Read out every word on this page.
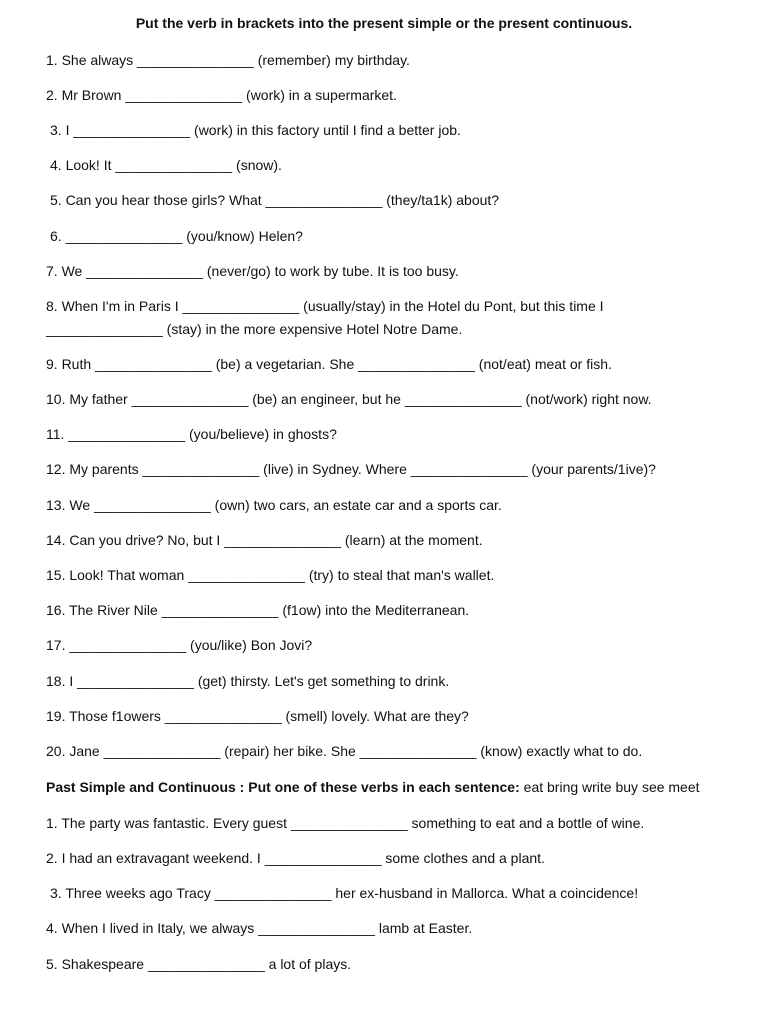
Put the verb in brackets into the present simple or the present continuous.
1. She always _______________ (remember) my birthday.
2. Mr Brown _______________ (work) in a supermarket.
3. I _______________ (work) in this factory until I find a better job.
4. Look! It _______________ (snow).
5. Can you hear those girls? What _______________ (they/ta1k) about?
6. _______________ (you/know) Helen?
7. We _______________ (never/go) to work by tube. It is too busy.
8. When I'm in Paris I _______________ (usually/stay) in the Hotel du Pont, but this time I
_______________ (stay) in the more expensive Hotel Notre Dame.
9. Ruth _______________ (be) a vegetarian. She _______________ (not/eat) meat or fish.
10. My father _______________ (be) an engineer, but he _______________ (not/work) right now.
11. _______________ (you/believe) in ghosts?
12. My parents _______________ (live) in Sydney. Where _______________ (your parents/1ive)?
13. We _______________ (own) two cars, an estate car and a sports car.
14. Can you drive? No, but I _______________ (learn) at the moment.
15. Look! That woman _______________ (try) to steal that man's wallet.
16. The River Nile _______________ (f1ow) into the Mediterranean.
17. _______________ (you/like) Bon Jovi?
18. I _______________ (get) thirsty. Let's get something to drink.
19. Those f1owers _______________ (smell) lovely. What are they?
20. Jane _______________ (repair) her bike. She _______________ (know) exactly what to do.
Past Simple and Continuous : Put one of these verbs in each sentence: eat bring write buy see meet
1. The party was fantastic. Every guest _______________ something to eat and a bottle of wine.
2. I had an extravagant weekend. I _______________ some clothes and a plant.
3. Three weeks ago Tracy _______________ her ex-husband in Mallorca. What a coincidence!
4. When I lived in Italy, we always _______________ lamb at Easter.
5. Shakespeare _______________ a lot of plays.
